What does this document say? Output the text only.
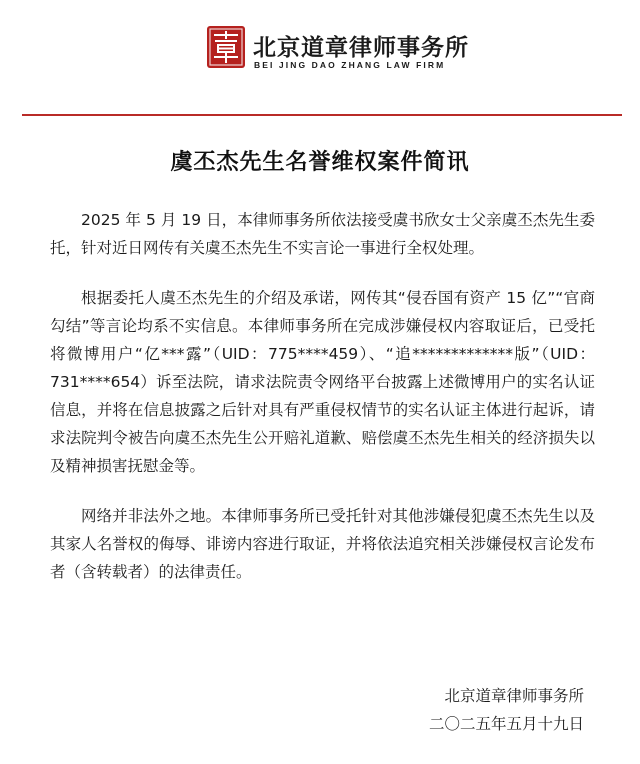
北京道章律师事务所
BEI JING DAO ZHANG LAW FIRM
虞丕杰先生名誉维权案件简讯

2025 年 5 月 19 日，本律师事务所依法接受虞书欣女士父亲虞丕杰先生委托，针对近日网传有关虞丕杰先生不实言论一事进行全权处理。

根据委托人虞丕杰先生的介绍及承诺，网传其“侵吞国有资产 15 亿”“官商勾结”等言论均系不实信息。本律师事务所在完成涉嫌侵权内容取证后，已受托将微博用户“亿***露”（UID：775****459）、“追*************版”（UID：731****654）诉至法院，请求法院责令网络平台披露上述微博用户的实名认证信息，并将在信息披露之后针对具有严重侵权情节的实名认证主体进行起诉，请求法院判令被告向虞丕杰先生公开赔礼道歉、赔偿虞丕杰先生相关的经济损失以及精神损害抚慰金等。

网络并非法外之地。本律师事务所已受托针对其他涉嫌侵犯虞丕杰先生以及其家人名誉权的侮辱、诽谤内容进行取证，并将依法追究相关涉嫌侵权言论发布者（含转载者）的法律责任。

北京道章律师事务所
二〇二五年五月十九日
